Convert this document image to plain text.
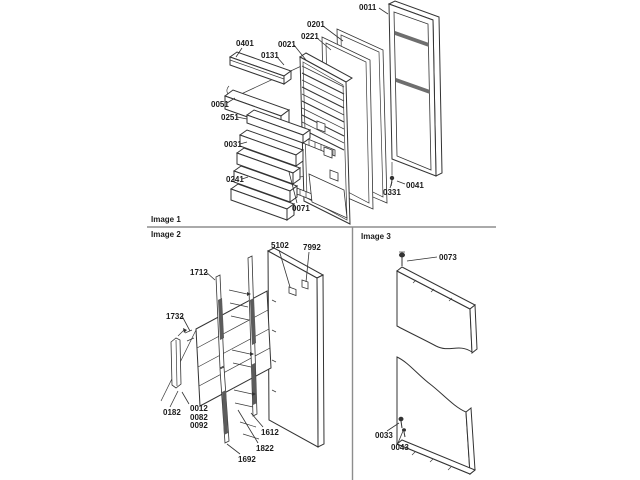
0011
0201
0221
0021
0401
0131
0051
0251
0031
0241
0071
0331
0041
Image 1
5102 7992
1712
1732
0182 0012
0082
0092
1612
1822
1692
Image 2
0073
0033
0043
Image 3
